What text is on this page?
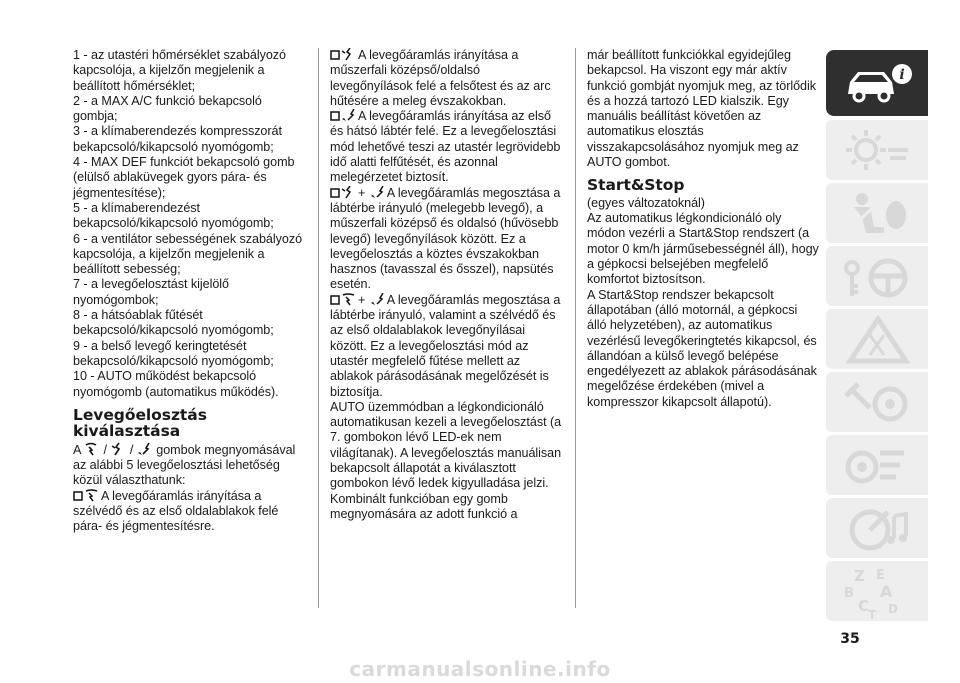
1 - az utastéri hőmérséklet szabályozó kapcsolója, a kijelzőn megjelenik a beállított hőmérséklet;

2 - a MAX A/C funkció bekapcsoló gombja;

3 - a klímaberendezés kompresszorát bekapcsoló/kikapcsoló nyomógomb;

4 - MAX DEF funkciót bekapcsoló gomb (elülső ablaküvegek gyors pára- és jégmentesítése);

5 - a klímaberendezést bekapcsoló/kikapcsoló nyomógomb;

6 - a ventilátor sebességének szabályozó kapcsolója, a kijelzőn megjelenik a beállított sebesség;

7 - a levegőelosztást kijelölő nyomógombok;

8 - a hátsóablak fűtését bekapcsoló/kikapcsoló nyomógomb;

9 - a belső levegő keringtetését bekapcsoló/kikapcsoló nyomógomb;

10 - AUTO működést bekapcsoló nyomógomb (automatikus működés).

Levegőelosztás kiválasztása

A
/
/
gombok megnyomásával az alábbi 5 levegőelosztási lehetőség közül választhatunk:

A levegőáramlás irányítása a szélvédő és az első oldalablakok felé pára- és jégmentesítésre.

A levegőáramlás irányítása a műszerfali középső/oldalsó levegőnyílások felé a felsőtest és az arc hűtésére a meleg évszakokban.

A levegőáramlás irányítása az első és hátsó lábtér felé. Ez a levegőelosztási mód lehetővé teszi az utastér legrövidebb idő alatti felfűtését, és azonnal melegérzetet biztosít.

+ A levegőáramlás megosztása a lábtérbe irányuló (melegebb levegő), a műszerfali középső és oldalsó (hűvösebb levegő) levegőnyílások között. Ez a levegőelosztás a köztes évszakokban hasznos (tavasszal és ősszel), napsütés esetén.

+ A levegőáramlás megosztása a lábtérbe irányuló, valamint a szélvédő és az első oldalablakok levegőnyílásai között. Ez a levegőelosztási mód az utastér megfelelő fűtése mellett az ablakok párásodásának megelőzését is biztosítja.

AUTO üzemmódban a légkondicionáló automatikusan kezeli a levegőelosztást (a 7. gombokon lévő LED-ek nem világítanak). A levegőelosztás manuálisan bekapcsolt állapotát a kiválasztott gombokon lévő ledek kigyulladása jelzi.

Kombinált funkcióban egy gomb megnyomására az adott funkció a

már beállított funkciókkal egyidejűleg bekapcsol. Ha viszont egy már aktív funkció gombját nyomjuk meg, az törlődik és a hozzá tartozó LED kialszik. Egy manuális beállítást követően az automatikus elosztás visszakapcsolásához nyomjuk meg az AUTO gombot.

Start&Stop

(egyes változatoknál)

Az automatikus légkondicionáló oly módon vezérli a Start&Stop rendszert (a motor 0 km/h járműsebességnél áll), hogy a gépkocsi belsejében megfelelő komfortot biztosítson.

A Start&Stop rendszer bekapcsolt állapotában (álló motornál, a gépkocsi álló helyzetében), az automatikus vezérlésű levegőkeringtetés kikapcsol, és állandóan a külső levegő belépése engedélyezett az ablakok párásodásának megelőzése érdekében (mivel a kompresszor kikapcsolt állapotú).

i
Z E
B A
C
T D
35
carmanualsonline.info
